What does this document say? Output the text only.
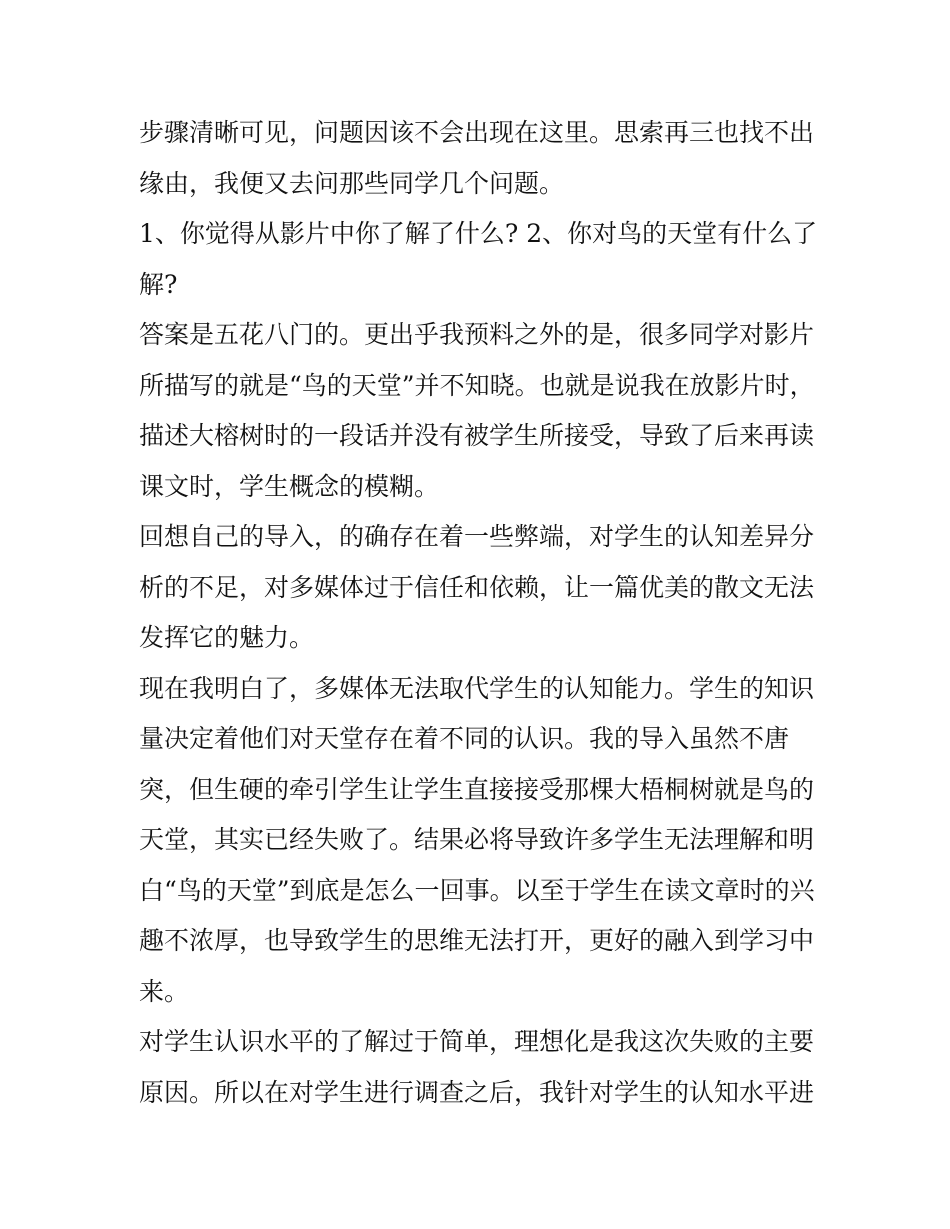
步骤清晰可见，问题因该不会出现在这里。思索再三也找不出
缘由，我便又去问那些同学几个问题。
1、你觉得从影片中你了解了什么? 2、你对鸟的天堂有什么了
解?
答案是五花八门的。更出乎我预料之外的是，很多同学对影片
所描写的就是“鸟的天堂”并不知晓。也就是说我在放影片时，
描述大榕树时的一段话并没有被学生所接受，导致了后来再读
课文时，学生概念的模糊。
回想自己的导入，的确存在着一些弊端，对学生的认知差异分
析的不足，对多媒体过于信任和依赖，让一篇优美的散文无法
发挥它的魅力。
现在我明白了，多媒体无法取代学生的认知能力。学生的知识
量决定着他们对天堂存在着不同的认识。我的导入虽然不唐
突，但生硬的牵引学生让学生直接接受那棵大梧桐树就是鸟的
天堂，其实已经失败了。结果必将导致许多学生无法理解和明
白“鸟的天堂”到底是怎么一回事。以至于学生在读文章时的兴
趣不浓厚，也导致学生的思维无法打开，更好的融入到学习中
来。
对学生认识水平的了解过于简单，理想化是我这次失败的主要
原因。所以在对学生进行调查之后，我针对学生的认知水平进
